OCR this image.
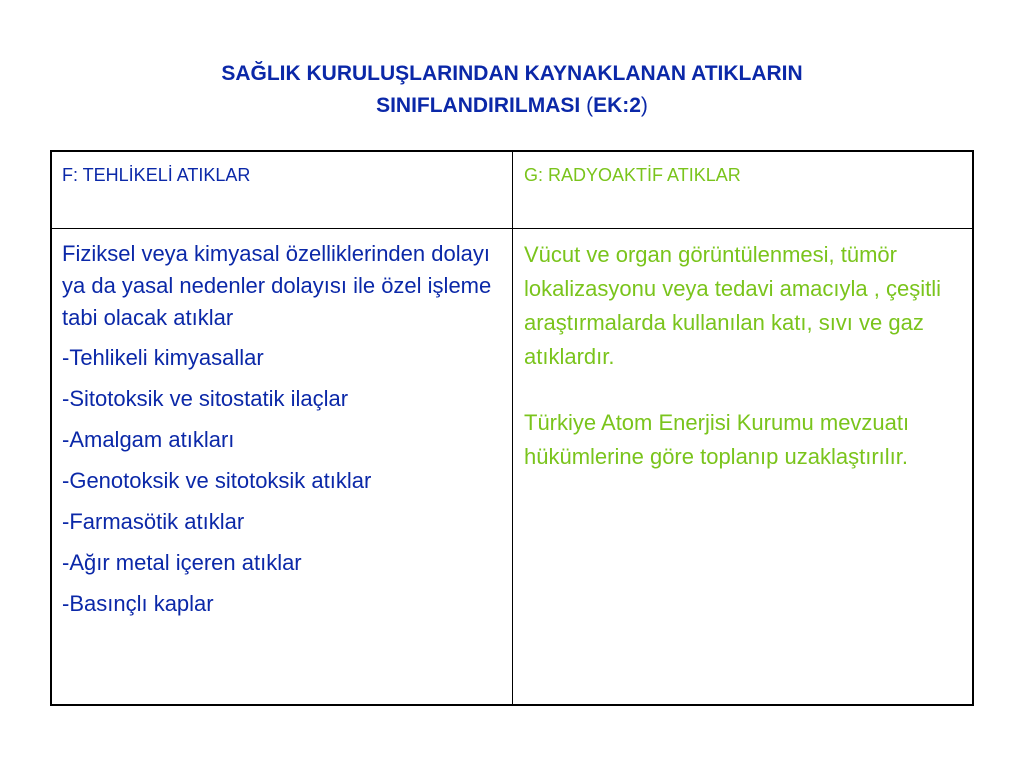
SAĞLIK KURULUŞLARINDAN KAYNAKLANAN ATIKLARIN
SINIFLANDIRILMASI (EK:2)
F: TEHLİKELİ ATIKLAR	G: RADYOAKTİF ATIKLAR
Fiziksel veya kimyasal özelliklerinden dolayı ya da yasal nedenler dolayısı ile özel işleme tabi olacak atıklar
-Tehlikeli kimyasallar
-Sitotoksik ve sitostatik ilaçlar
-Amalgam atıkları
-Genotoksik ve sitotoksik atıklar
-Farmasötik atıklar
-Ağır metal içeren atıklar
-Basınçlı kaplar
Vücut ve organ görüntülenmesi, tümör lokalizasyonu veya tedavi amacıyla , çeşitli araştırmalarda kullanılan katı, sıvı ve gaz atıklardır.
Türkiye Atom Enerjisi Kurumu mevzuatı hükümlerine göre toplanıp uzaklaştırılır.
